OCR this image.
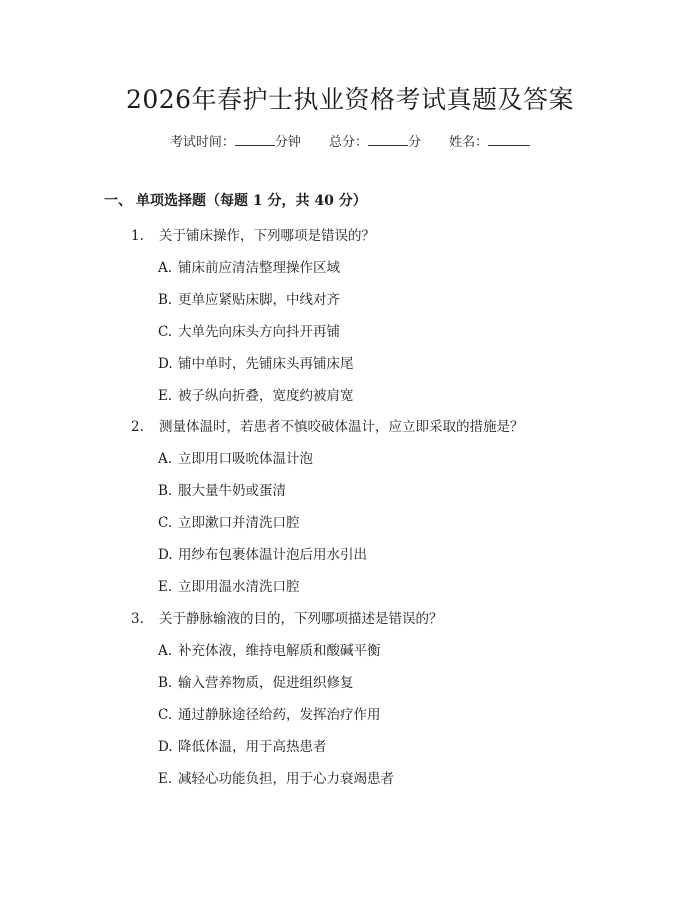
2026年春护士执业资格考试真题及答案
考试时间：	分钟 总分：	分 姓名：
一、 单项选择题（每题 1 分，共 40 分）
1. 关于铺床操作，下列哪项是错误的？
A. 铺床前应清洁整理操作区域
B. 更单应紧贴床脚，中线对齐
C. 大单先向床头方向抖开再铺
D. 铺中单时，先铺床头再铺床尾
E. 被子纵向折叠，宽度约被肩宽
2. 测量体温时，若患者不慎咬破体温计，应立即采取的措施是？
A. 立即用口吸吮体温计泡
B. 服大量牛奶或蛋清
C. 立即漱口并清洗口腔
D. 用纱布包裹体温计泡后用水引出
E. 立即用温水清洗口腔
3. 关于静脉输液的目的，下列哪项描述是错误的？
A. 补充体液，维持电解质和酸碱平衡
B. 输入营养物质，促进组织修复
C. 通过静脉途径给药，发挥治疗作用
D. 降低体温，用于高热患者
E. 减轻心功能负担，用于心力衰竭患者
